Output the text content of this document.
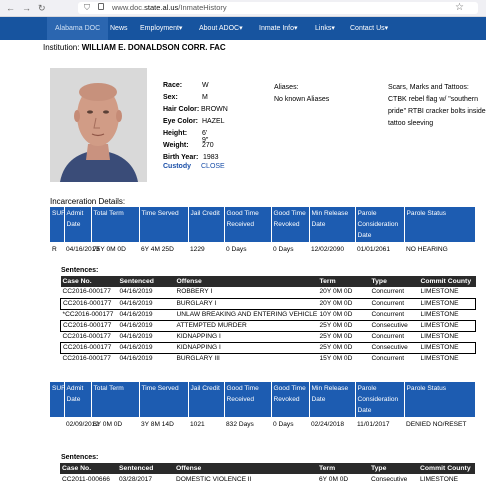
← → ↻	⛉	www.doc.state.al.us/InmateHistory	☆
Alabama DOC	News Employment▾ About ADOC▾ Inmate Info▾ Links▾ Contact Us▾
Institution: WILLIAM E. DONALDSON CORR. FAC
Race:	W
Sex:	M
Hair Color: BROWN
Eye Color: HAZEL
Height: 6' 9"
Weight: 270
Birth Year: 1983
Custody CLOSE
Aliases:
No known Aliases
Scars, Marks and Tattoos:
CTBK rebel flag w/ "southern pride" RTBI cracker bolts inside tattoo sleeving
Incarceration Details:
SUF	Admit Date	Total Term	Time Served	Jail Credit	Good Time Received	Good Time Revoked	Min Release Date	Parole Consideration Date	Parole Status
R	04/16/2019	75Y 0M 0D	6Y 4M 25D	1229	0 Days	0 Days	12/02/2090	01/01/2061	NO HEARING
Sentences:
Case No.	Sentenced	Offense	Term	Type	Commit County
CC2016-000177	04/16/2019	ROBBERY I	20Y 0M 0D	Concurrent	LIMESTONE
CC2016-000177	04/16/2019	BURGLARY I	20Y 0M 0D	Concurrent	LIMESTONE
*CC2016-000177	04/16/2019	UNLAW BREAKING AND ENTERING VEHICLE	10Y 0M 0D	Concurrent	LIMESTONE
CC2016-000177	04/16/2019	ATTEMPTED MURDER	25Y 0M 0D	Consecutive	LIMESTONE
CC2016-000177	04/16/2019	KIDNAPPING I	25Y 0M 0D	Concurrent	LIMESTONE
CC2016-000177	04/16/2019	KIDNAPPING I	25Y 0M 0D	Consecutive	LIMESTONE
CC2016-000177	04/16/2019	BURGLARY III	15Y 0M 0D	Concurrent	LIMESTONE
SUF	Admit Date	Total Term	Time Served	Jail Credit	Good Time Received	Good Time Revoked	Min Release Date	Parole Consideration Date	Parole Status
	02/09/2012	6Y 0M 0D	3Y 8M 14D	1021	832 Days	0 Days	02/24/2018	11/01/2017	DENIED NO/RESET
Sentences:
Case No.	Sentenced	Offense	Term	Type	Commit County
CC2011-000666	03/28/2017	DOMESTIC VIOLENCE II	6Y 0M 0D	Consecutive	LIMESTONE
